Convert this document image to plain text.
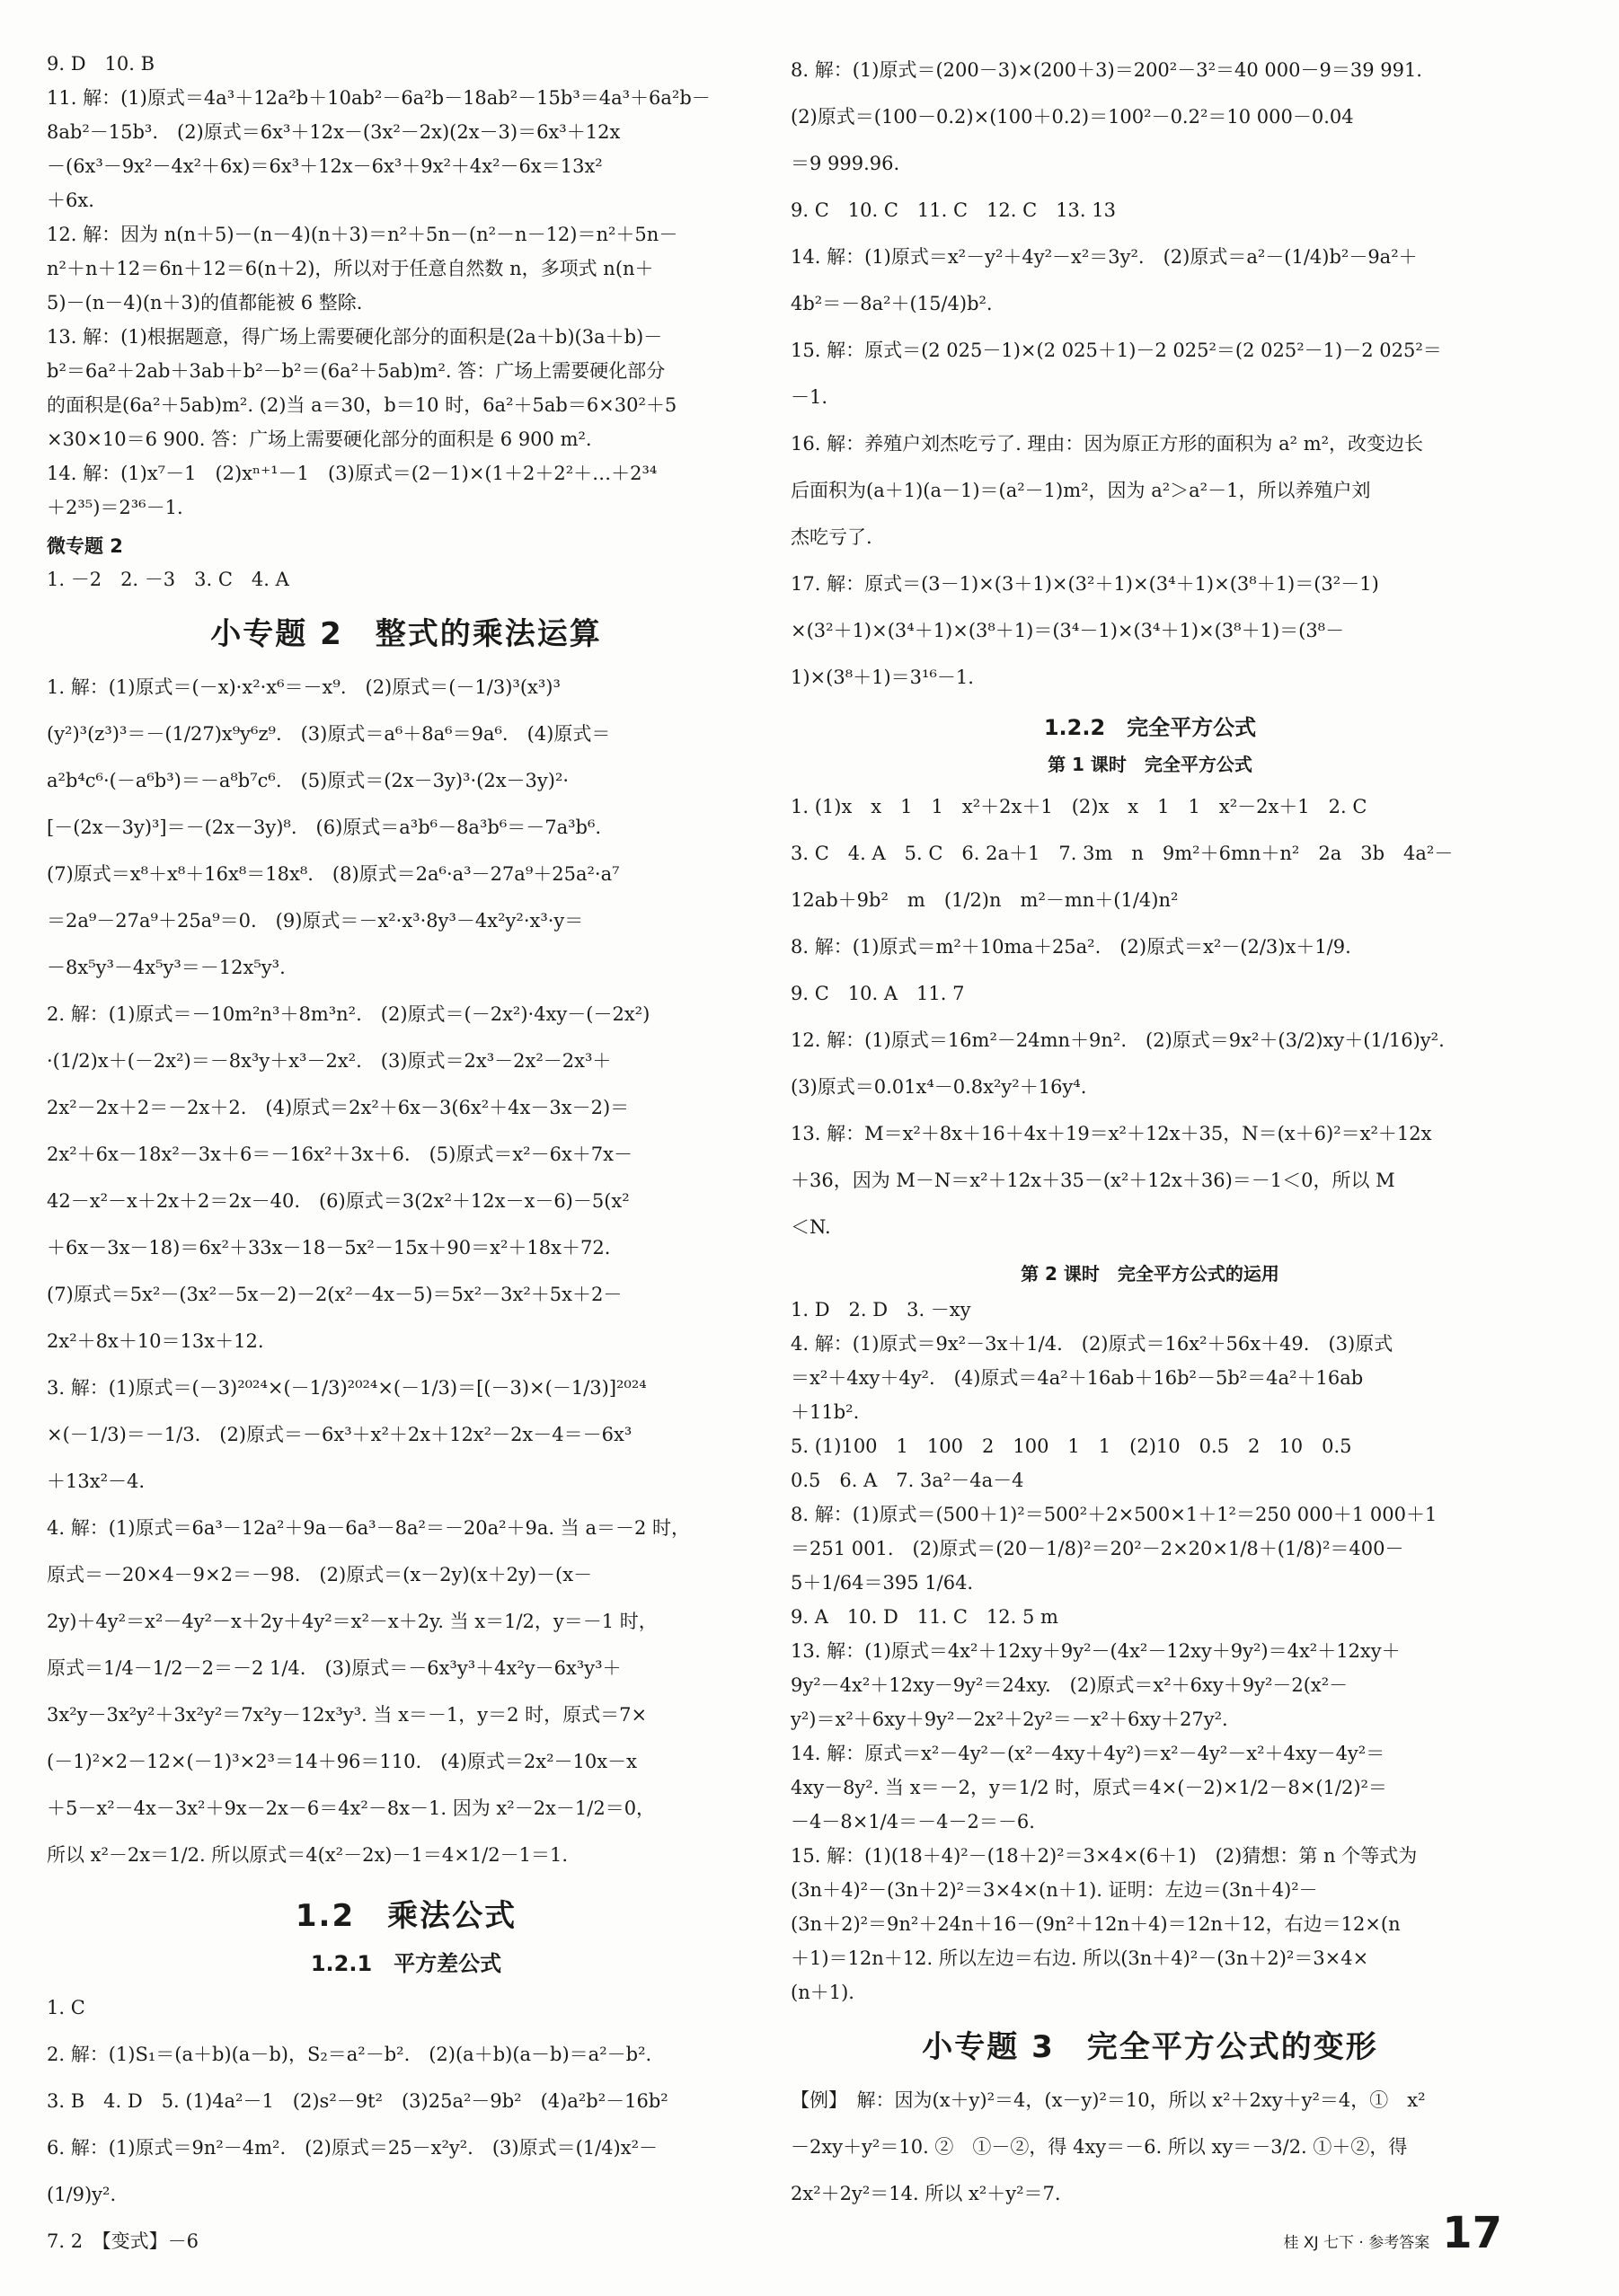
9. D　10. B

11. 解：(1)原式＝4a³＋12a²b＋10ab²－6a²b－18ab²－15b³＝4a³＋6a²b－

8ab²－15b³.　(2)原式＝6x³＋12x－(3x²－2x)(2x－3)＝6x³＋12x

－(6x³－9x²－4x²＋6x)＝6x³＋12x－6x³＋9x²＋4x²－6x＝13x²

＋6x.

12. 解：因为 n(n＋5)－(n－4)(n＋3)＝n²＋5n－(n²－n－12)＝n²＋5n－

n²＋n＋12＝6n＋12＝6(n＋2)，所以对于任意自然数 n，多项式 n(n＋

5)－(n－4)(n＋3)的值都能被 6 整除.

13. 解：(1)根据题意，得广场上需要硬化部分的面积是(2a＋b)(3a＋b)－

b²＝6a²＋2ab＋3ab＋b²－b²＝(6a²＋5ab)m². 答：广场上需要硬化部分

的面积是(6a²＋5ab)m². (2)当 a＝30，b＝10 时，6a²＋5ab＝6×30²＋5

×30×10＝6 900. 答：广场上需要硬化部分的面积是 6 900 m².

14. 解：(1)x⁷－1　(2)xⁿ⁺¹－1　(3)原式＝(2－1)×(1＋2＋2²＋…＋2³⁴

＋2³⁵)＝2³⁶－1.

微专题 2

1. －2　2. －3　3. C　4. A

小专题 2　整式的乘法运算

1. 解：(1)原式＝(－x)·x²·x⁶＝－x⁹.　(2)原式＝(－1/3)³(x³)³

(y²)³(z³)³＝－(1/27)x⁹y⁶z⁹.　(3)原式＝a⁶＋8a⁶＝9a⁶.　(4)原式＝

a²b⁴c⁶·(－a⁶b³)＝－a⁸b⁷c⁶.　(5)原式＝(2x－3y)³·(2x－3y)²·

[－(2x－3y)³]＝－(2x－3y)⁸.　(6)原式＝a³b⁶－8a³b⁶＝－7a³b⁶.

(7)原式＝x⁸＋x⁸＋16x⁸＝18x⁸.　(8)原式＝2a⁶·a³－27a⁹＋25a²·a⁷

＝2a⁹－27a⁹＋25a⁹＝0.　(9)原式＝－x²·x³·8y³－4x²y²·x³·y＝

－8x⁵y³－4x⁵y³＝－12x⁵y³.

2. 解：(1)原式＝－10m²n³＋8m³n².　(2)原式＝(－2x²)·4xy－(－2x²)

·(1/2)x＋(－2x²)＝－8x³y＋x³－2x².　(3)原式＝2x³－2x²－2x³＋

2x²－2x＋2＝－2x＋2.　(4)原式＝2x²＋6x－3(6x²＋4x－3x－2)＝

2x²＋6x－18x²－3x＋6＝－16x²＋3x＋6.　(5)原式＝x²－6x＋7x－

42－x²－x＋2x＋2＝2x－40.　(6)原式＝3(2x²＋12x－x－6)－5(x²

＋6x－3x－18)＝6x²＋33x－18－5x²－15x＋90＝x²＋18x＋72.

(7)原式＝5x²－(3x²－5x－2)－2(x²－4x－5)＝5x²－3x²＋5x＋2－

2x²＋8x＋10＝13x＋12.

3. 解：(1)原式＝(－3)²⁰²⁴×(－1/3)²⁰²⁴×(－1/3)＝[(－3)×(－1/3)]²⁰²⁴

×(－1/3)＝－1/3.　(2)原式＝－6x³＋x²＋2x＋12x²－2x－4＝－6x³

＋13x²－4.

4. 解：(1)原式＝6a³－12a²＋9a－6a³－8a²＝－20a²＋9a. 当 a＝－2 时，

原式＝－20×4－9×2＝－98.　(2)原式＝(x－2y)(x＋2y)－(x－

2y)＋4y²＝x²－4y²－x＋2y＋4y²＝x²－x＋2y. 当 x＝1/2，y＝－1 时，

原式＝1/4－1/2－2＝－2 1/4.　(3)原式＝－6x³y³＋4x²y－6x³y³＋

3x²y－3x²y²＋3x²y²＝7x²y－12x³y³. 当 x＝－1，y＝2 时，原式＝7×

(－1)²×2－12×(－1)³×2³＝14＋96＝110.　(4)原式＝2x²－10x－x

＋5－x²－4x－3x²＋9x－2x－6＝4x²－8x－1. 因为 x²－2x－1/2＝0，

所以 x²－2x＝1/2. 所以原式＝4(x²－2x)－1＝4×1/2－1＝1.

1.2　乘法公式
1.2.1　平方差公式

1. C

2. 解：(1)S₁＝(a＋b)(a－b)，S₂＝a²－b².　(2)(a＋b)(a－b)＝a²－b².

3. B　4. D　5. (1)4a²－1　(2)s²－9t²　(3)25a²－9b²　(4)a²b²－16b²

6. 解：(1)原式＝9n²－4m².　(2)原式＝25－x²y².　(3)原式＝(1/4)x²－

(1/9)y².

7. 2　【变式】－6

8. 解：(1)原式＝(200－3)×(200＋3)＝200²－3²＝40 000－9＝39 991.

(2)原式＝(100－0.2)×(100＋0.2)＝100²－0.2²＝10 000－0.04

＝9 999.96.

9. C　10. C　11. C　12. C　13. 13

14. 解：(1)原式＝x²－y²＋4y²－x²＝3y².　(2)原式＝a²－(1/4)b²－9a²＋

4b²＝－8a²＋(15/4)b².

15. 解：原式＝(2 025－1)×(2 025＋1)－2 025²＝(2 025²－1)－2 025²＝

－1.

16. 解：养殖户刘杰吃亏了. 理由：因为原正方形的面积为 a² m²，改变边长

后面积为(a＋1)(a－1)＝(a²－1)m²，因为 a²＞a²－1，所以养殖户刘

杰吃亏了.

17. 解：原式＝(3－1)×(3＋1)×(3²＋1)×(3⁴＋1)×(3⁸＋1)＝(3²－1)

×(3²＋1)×(3⁴＋1)×(3⁸＋1)＝(3⁴－1)×(3⁴＋1)×(3⁸＋1)＝(3⁸－

1)×(3⁸＋1)＝3¹⁶－1.

1.2.2　完全平方公式
第 1 课时　完全平方公式

1. (1)x　x　1　1　x²＋2x＋1　(2)x　x　1　1　x²－2x＋1　2. C

3. C　4. A　5. C　6. 2a＋1　7. 3m　n　9m²＋6mn＋n²　2a　3b　4a²－

12ab＋9b²　m　(1/2)n　m²－mn＋(1/4)n²

8. 解：(1)原式＝m²＋10ma＋25a².　(2)原式＝x²－(2/3)x＋1/9.

9. C　10. A　11. 7

12. 解：(1)原式＝16m²－24mn＋9n².　(2)原式＝9x²＋(3/2)xy＋(1/16)y².

(3)原式＝0.01x⁴－0.8x²y²＋16y⁴.

13. 解：M＝x²＋8x＋16＋4x＋19＝x²＋12x＋35，N＝(x＋6)²＝x²＋12x

＋36，因为 M－N＝x²＋12x＋35－(x²＋12x＋36)＝－1＜0，所以 M

＜N.

第 2 课时　完全平方公式的运用

1. D　2. D　3. －xy

4. 解：(1)原式＝9x²－3x＋1/4.　(2)原式＝16x²＋56x＋49.　(3)原式

＝x²＋4xy＋4y².　(4)原式＝4a²＋16ab＋16b²－5b²＝4a²＋16ab

＋11b².

5. (1)100　1　100　2　100　1　1　(2)10　0.5　2　10　0.5

0.5　6. A　7. 3a²－4a－4

8. 解：(1)原式＝(500＋1)²＝500²＋2×500×1＋1²＝250 000＋1 000＋1

＝251 001.　(2)原式＝(20－1/8)²＝20²－2×20×1/8＋(1/8)²＝400－

5＋1/64＝395 1/64.

9. A　10. D　11. C　12. 5 m

13. 解：(1)原式＝4x²＋12xy＋9y²－(4x²－12xy＋9y²)＝4x²＋12xy＋

9y²－4x²＋12xy－9y²＝24xy.　(2)原式＝x²＋6xy＋9y²－2(x²－

y²)＝x²＋6xy＋9y²－2x²＋2y²＝－x²＋6xy＋27y².

14. 解：原式＝x²－4y²－(x²－4xy＋4y²)＝x²－4y²－x²＋4xy－4y²＝

4xy－8y². 当 x＝－2，y＝1/2 时，原式＝4×(－2)×1/2－8×(1/2)²＝

－4－8×1/4＝－4－2＝－6.

15. 解：(1)(18＋4)²－(18＋2)²＝3×4×(6＋1)　(2)猜想：第 n 个等式为

(3n＋4)²－(3n＋2)²＝3×4×(n＋1). 证明：左边＝(3n＋4)²－

(3n＋2)²＝9n²＋24n＋16－(9n²＋12n＋4)＝12n＋12，右边＝12×(n

＋1)＝12n＋12. 所以左边＝右边. 所以(3n＋4)²－(3n＋2)²＝3×4×

(n＋1).

小专题 3　完全平方公式的变形

【例】　解：因为(x＋y)²＝4，(x－y)²＝10，所以 x²＋2xy＋y²＝4，①　x²

－2xy＋y²＝10. ②　①－②，得 4xy＝－6. 所以 xy＝－3/2. ①＋②，得

2x²＋2y²＝14. 所以 x²＋y²＝7.

桂 XJ 七下 · 参考答案 17
